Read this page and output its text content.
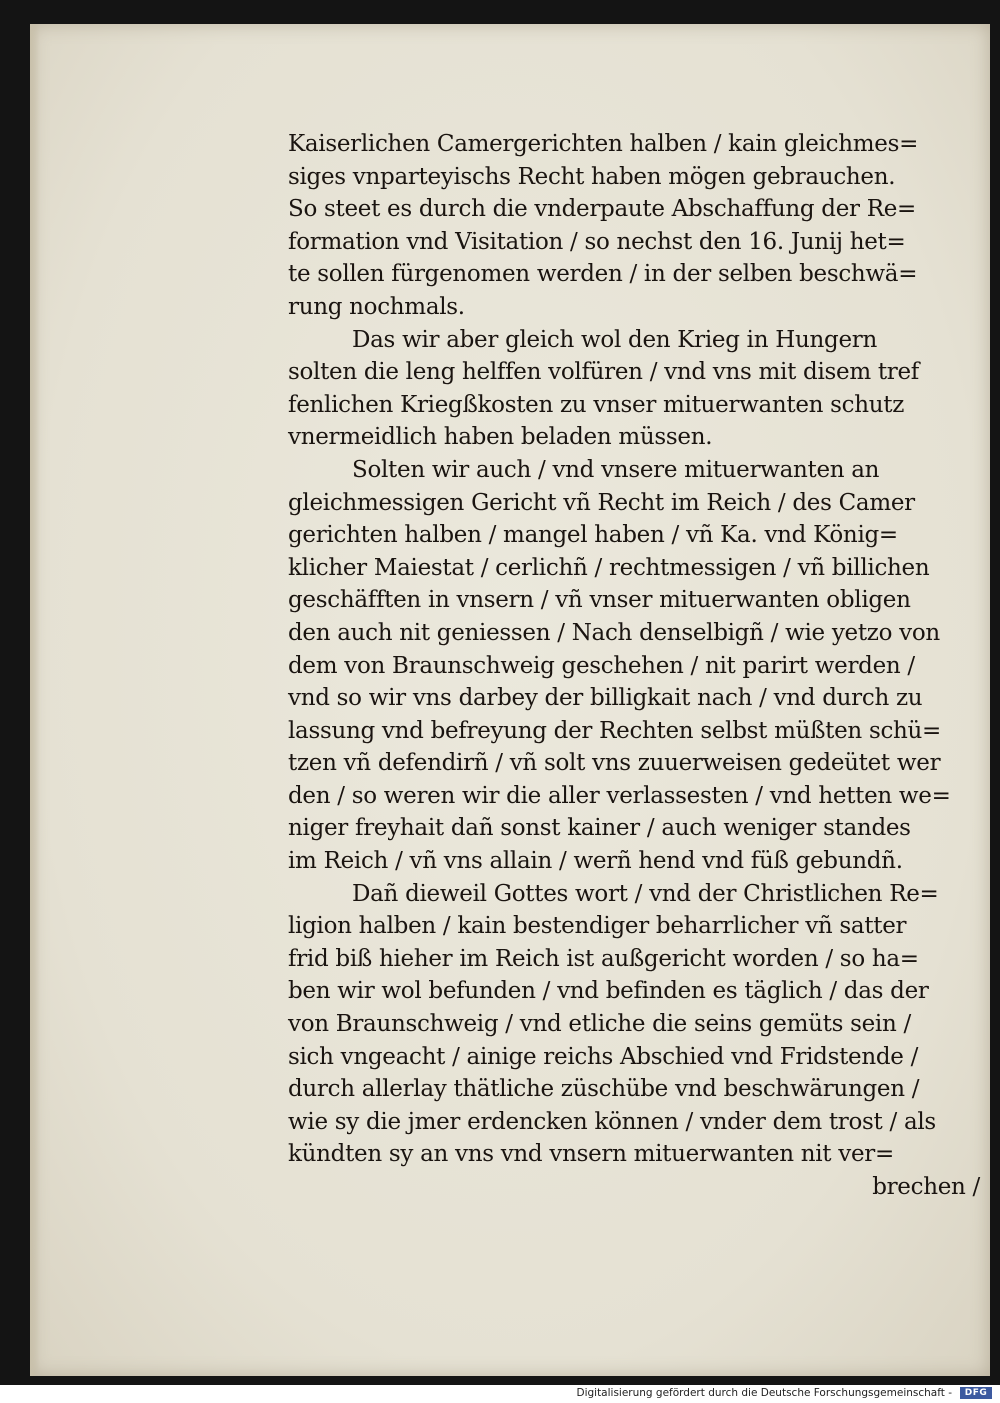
Kaiserlichen Camergerichten halben / kain gleichmes=
siges vnparteyischs Recht haben mögen gebrauchen.
So steet es durch die vnderpaute Abschaffung der Re=
formation vnd Visitation / so nechst den 16. Junij het=
te sollen fürgenomen werden / in der selben beschwä=
rung nochmals.
Das wir aber gleich wol den Krieg in Hungern
solten die leng helffen volfüren / vnd vns mit disem tref
fenlichen Kriegßkosten zu vnser mituerwanten schutz
vnermeidlich haben beladen müssen.
Solten wir auch / vnd vnsere mituerwanten an
gleichmessigen Gericht vñ Recht im Reich / des Camer
gerichten halben / mangel haben / vñ Ka. vnd König=
klicher Maiestat / cerlichñ / rechtmessigen / vñ billichen
geschäfften in vnsern / vñ vnser mituerwanten obligen
den auch nit geniessen / Nach denselbigñ / wie yetzo von
dem von Braunschweig geschehen / nit parirt werden /
vnd so wir vns darbey der billigkait nach / vnd durch zu
lassung vnd befreyung der Rechten selbst müßten schü=
tzen vñ defendirñ / vñ solt vns zuuerweisen gedeütet wer
den / so weren wir die aller verlassesten / vnd hetten we=
niger freyhait dañ sonst kainer / auch weniger standes
im Reich / vñ vns allain / werñ hend vnd füß gebundñ.
Dañ dieweil Gottes wort / vnd der Christlichen Re=
ligion halben / kain bestendiger beharrlicher vñ satter
frid biß hieher im Reich ist außgericht worden / so ha=
ben wir wol befunden / vnd befinden es täglich / das der
von Braunschweig / vnd etliche die seins gemüts sein /
sich vngeacht / ainige reichs Abschied vnd Fridstende /
durch allerlay thätliche züschübe vnd beschwärungen /
wie sy die jmer erdencken können / vnder dem trost / als
kündten sy an vns vnd vnsern mituerwanten nit ver=
brechen /
Digitalisierung gefördert durch die Deutsche Forschungsgemeinschaft -	DFG
